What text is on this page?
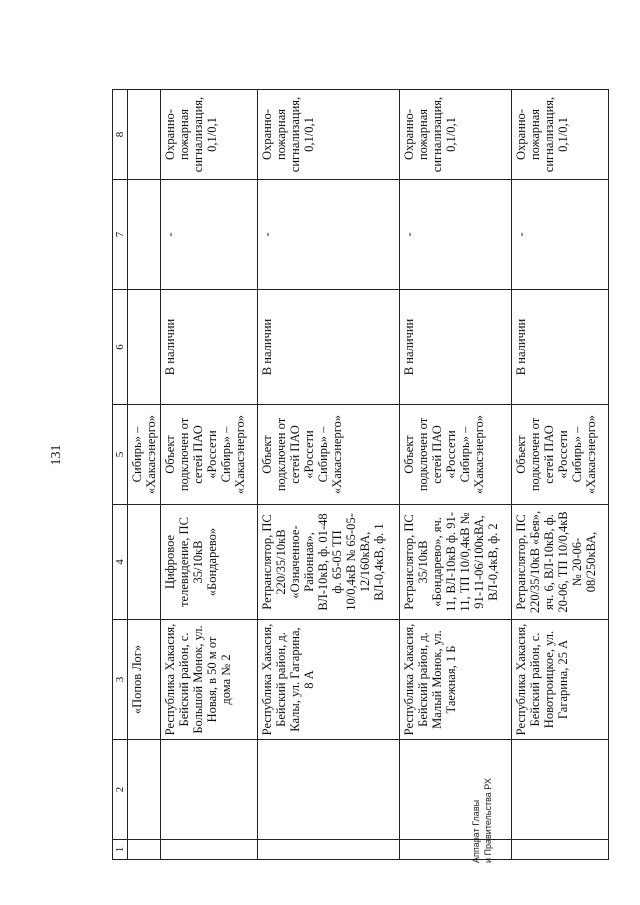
131
Аппарат Главы и Правительства РХ
1	2	3	4	5	6	7	8
		«Попов Лог»		Сибирь» – «Хакасэнерго»			
		Республика Хакасия, Бейский район, с. Большой Монок, ул. Новая, в 50 м от дома № 2	Цифровое телевидение, ПС 35/10кВ «Бондарево»	Объект подключен от сетей ПАО «Россети Сибирь» – «Хакасэнерго»	В наличии	-	Охранно-пожарная сигнализация, 0,1/0,1
		Республика Хакасия, Бейский район, д. Калы, ул. Гагарина, 8 А	Ретранслятор, ПС 220/35/10кВ «Означенное-Районная», ВЛ-10кВ, ф. 01-48 ф. 65-05 ТП 10/0,4кВ № 65-05-12/160кВА, ВЛ-0,4кВ, ф. 1	Объект подключен от сетей ПАО «Россети Сибирь» – «Хакасэнерго»	В наличии	-	Охранно-пожарная сигнализация, 0,1/0,1
		Республика Хакасия, Бейский район, д. Малый Монок, ул. Таежная, 1 Б	Ретранслятор, ПС 35/10кВ «Бондарево», яч. 11, ВЛ-10кВ ф. 91-11, ТП 10/0,4кВ № 91-11-06/100кВА, ВЛ-0,4кВ, ф. 2	Объект подключен от сетей ПАО «Россети Сибирь» – «Хакасэнерго»	В наличии	-	Охранно-пожарная сигнализация, 0,1/0,1
		Республика Хакасия, Бейский район, с. Новотроицкое, ул. Гагарина, 25 А	Ретранслятор, ПС 220/35/10кВ «Бея», яч. 6, ВЛ-10кВ, ф. 20-06, ТП 10/0,4кВ № 20-06-08/250кВА,	Объект подключен от сетей ПАО «Россети Сибирь» – «Хакасэнерго»	В наличии	-	Охранно-пожарная сигнализация, 0,1/0,1
